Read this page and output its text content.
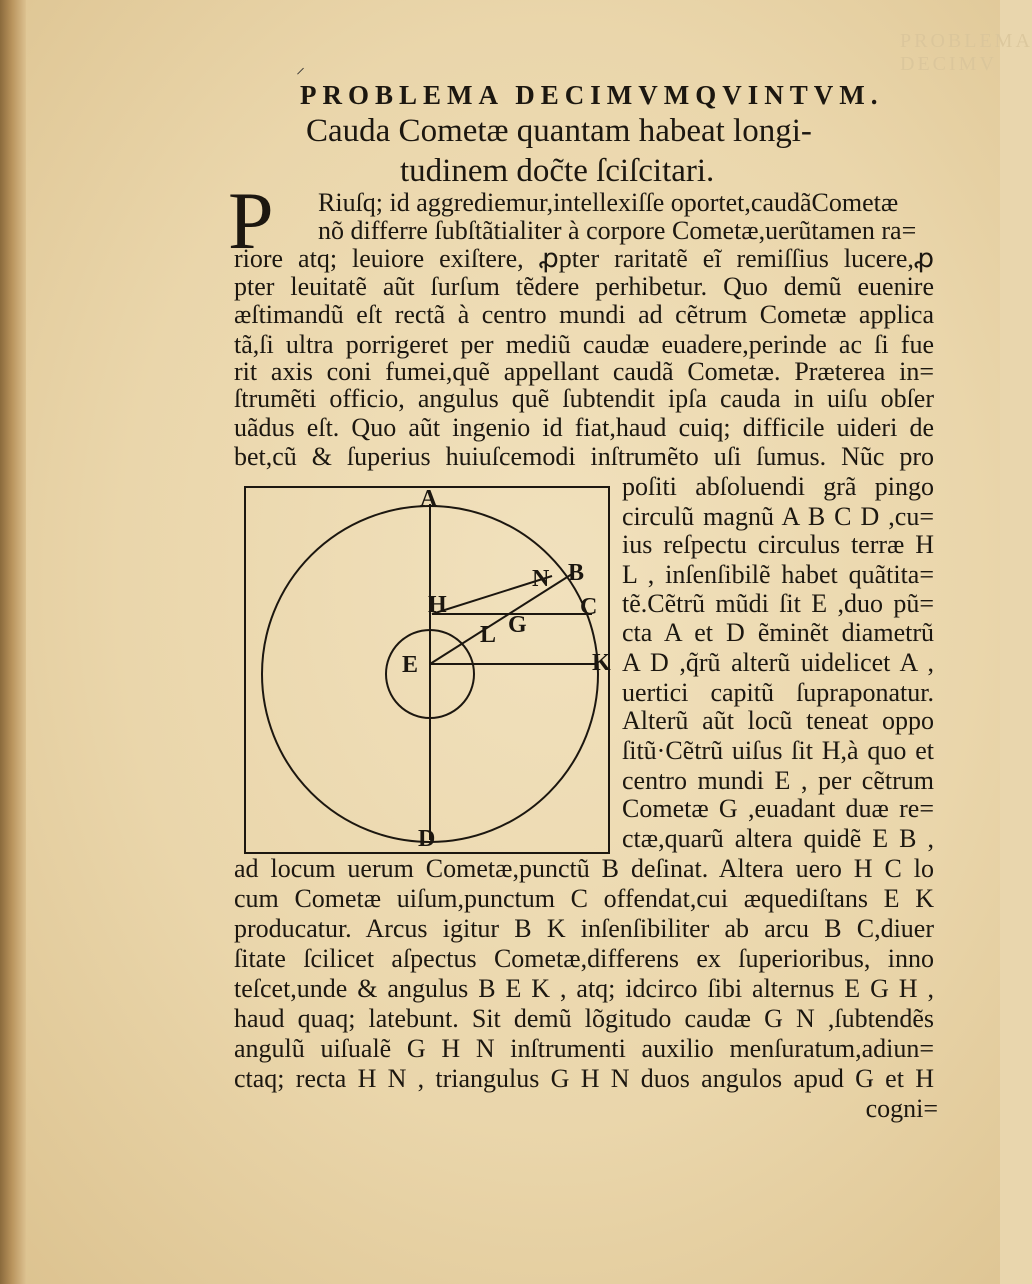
PROBLEMA DECIMV
⸝
PROBLEMA DECIMVMQVINTVM.
Cauda Cometæ quantam habeat longi-
tudinem doc̃te ſciſcitari.
P Riuſq; id aggrediemur,intellexiſſe oportet,caudãCometæ
nõ differre ſubſtãtialiter à corpore Cometæ,uerũtamen ra=
riore atq; leuiore exiſtere, ꝓpter raritatẽ eĩ remiſſius lucere,ꝓ
pter leuitatẽ aũt ſurſum tẽdere perhibetur. Quo demũ euenire
æſtimandũ eſt rectã à centro mundi ad cẽtrum Cometæ applica
tã,ſi ultra porrigeret per mediũ caudæ euadere,perinde ac ſi fue
rit axis coni fumei,quẽ appellant caudã Cometæ. Præterea in=
ſtrumẽti officio, angulus quẽ ſubtendit ipſa cauda in uiſu obſer
uãdus eſt. Quo aũt ingenio id fiat,haud cuiq; difficile uideri de
bet,cũ & ſuperius huiuſcemodi inſtrumẽto uſi ſumus. Nũc pro
A
B
C
D
E
G
H
K
L
N
poſiti abſoluendi grã pingo
circulũ magnũ A B C D ,cu=
ius reſpectu circulus terræ H
L , inſenſibilẽ habet quãtita=
tẽ.Cẽtrũ mũdi ſit E ,duo pũ=
cta A et D ẽminẽt diametrũ
A D ,q̃rũ alterũ uidelicet A ,
uertici capitũ ſupraponatur.
Alterũ aũt locũ teneat oppo
ſitũ·Cẽtrũ uiſus ſit H,à quo et
centro mundi E , per cẽtrum
Cometæ G ,euadant duæ re=
ctæ,quarũ altera quidẽ E B ,
ad locum uerum Cometæ,punctũ B deſinat. Altera uero H C lo
cum Cometæ uiſum,punctum C offendat,cui æquediſtans E K
producatur. Arcus igitur B K inſenſibiliter ab arcu B C,diuer
ſitate ſcilicet aſpectus Cometæ,differens ex ſuperioribus, inno
teſcet,unde & angulus B E K , atq; idcirco ſibi alternus E G H ,
haud quaq; latebunt. Sit demũ lõgitudo caudæ G N ,ſubtendẽs
angulũ uiſualẽ G H N inſtrumenti auxilio menſuratum,adiun=
ctaq; recta H N , triangulus G H N duos angulos apud G et H
cogni=
